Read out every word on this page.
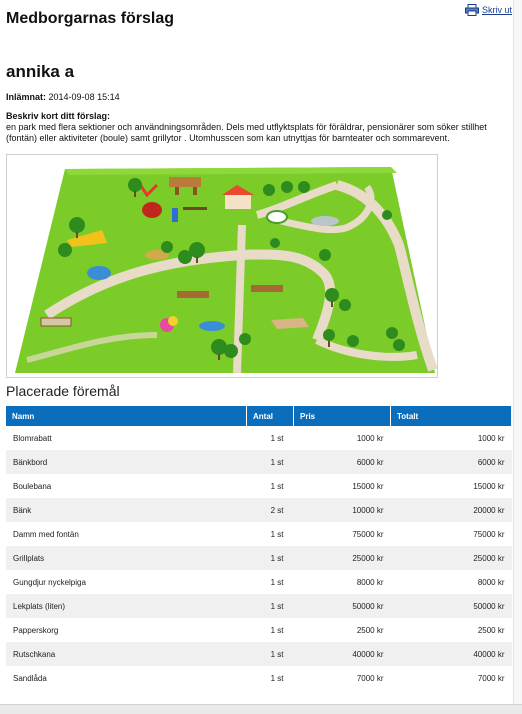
Skriv ut
Medborgarnas förslag
annika a
Inlämnat: 2014-09-08 15:14
Beskriv kort ditt förslag:
en park med flera sektioner och användningsområden. Dels med utflyktsplats för föräldrar, pensionärer som söker stillhet (fontän) eller aktiviteter (boule) samt grillytor . Utomhusscen som kan utnyttjas för barnteater och sommarevent.
Placerade föremål
Namn	Antal	Pris	Totalt
Blomrabatt	1 st	1000 kr	1000 kr
Bänkbord	1 st	6000 kr	6000 kr
Boulebana	1 st	15000 kr	15000 kr
Bänk	2 st	10000 kr	20000 kr
Damm med fontän	1 st	75000 kr	75000 kr
Grillplats	1 st	25000 kr	25000 kr
Gungdjur nyckelpiga	1 st	8000 kr	8000 kr
Lekplats (liten)	1 st	50000 kr	50000 kr
Papperskorg	1 st	2500 kr	2500 kr
Rutschkana	1 st	40000 kr	40000 kr
Sandlåda	1 st	7000 kr	7000 kr
